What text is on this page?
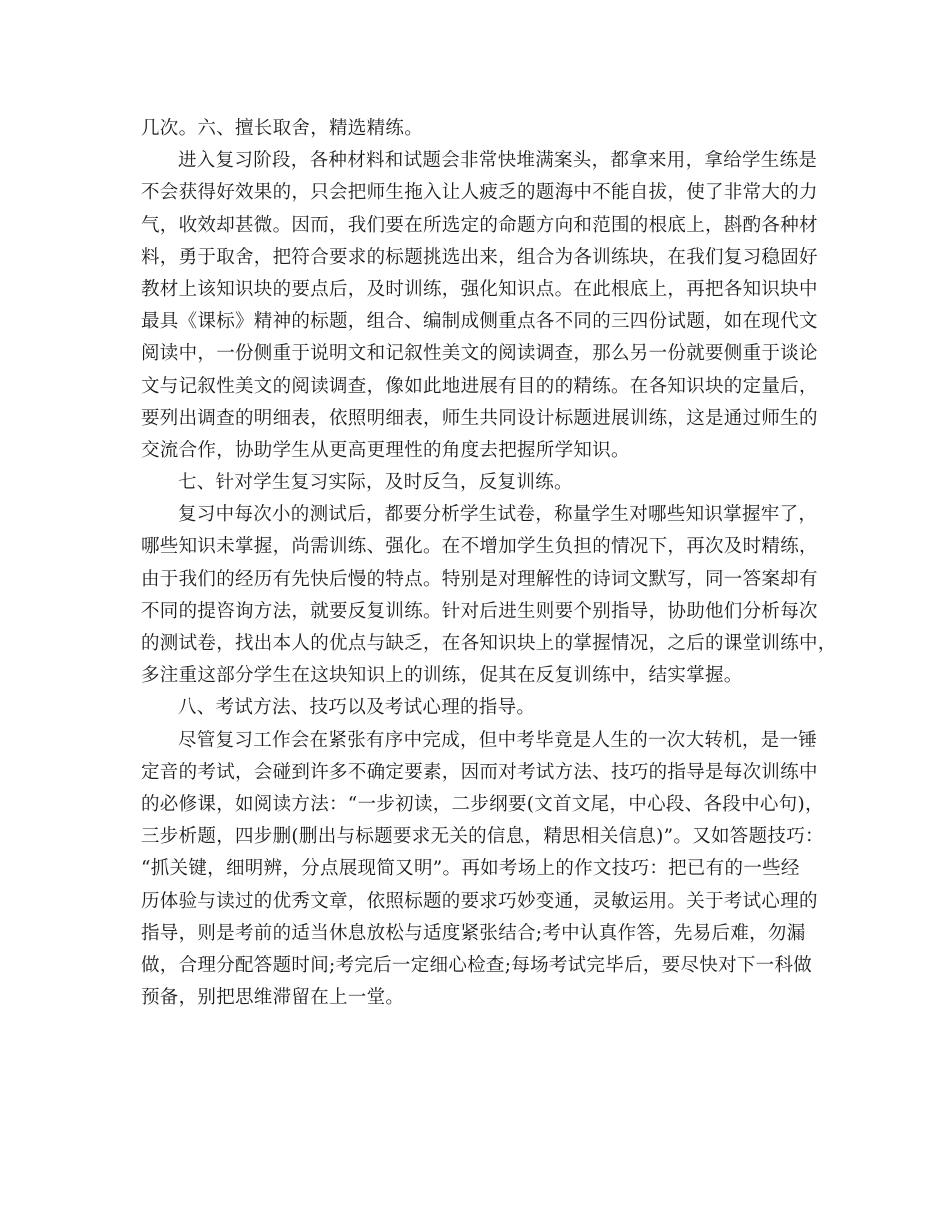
几次。六、擅长取舍，精选精练。
进入复习阶段，各种材料和试题会非常快堆满案头，都拿来用，拿给学生练是
不会获得好效果的，只会把师生拖入让人疲乏的题海中不能自拔，使了非常大的力
气，收效却甚微。因而，我们要在所选定的命题方向和范围的根底上，斟酌各种材
料，勇于取舍，把符合要求的标题挑选出来，组合为各训练块，在我们复习稳固好
教材上该知识块的要点后，及时训练，强化知识点。在此根底上，再把各知识块中
最具《课标》精神的标题，组合、编制成侧重点各不同的三四份试题，如在现代文
阅读中，一份侧重于说明文和记叙性美文的阅读调查，那么另一份就要侧重于谈论
文与记叙性美文的阅读调查，像如此地进展有目的的精练。在各知识块的定量后，
要列出调查的明细表，依照明细表，师生共同设计标题进展训练，这是通过师生的
交流合作，协助学生从更高更理性的角度去把握所学知识。
七、针对学生复习实际，及时反刍，反复训练。
复习中每次小的测试后，都要分析学生试卷，称量学生对哪些知识掌握牢了，
哪些知识未掌握，尚需训练、强化。在不增加学生负担的情况下，再次及时精练，
由于我们的经历有先快后慢的特点。特别是对理解性的诗词文默写，同一答案却有
不同的提咨询方法，就要反复训练。针对后进生则要个别指导，协助他们分析每次
的测试卷，找出本人的优点与缺乏，在各知识块上的掌握情况，之后的课堂训练中，
多注重这部分学生在这块知识上的训练，促其在反复训练中，结实掌握。
八、考试方法、技巧以及考试心理的指导。
尽管复习工作会在紧张有序中完成，但中考毕竟是人生的一次大转机，是一锤
定音的考试，会碰到许多不确定要素，因而对考试方法、技巧的指导是每次训练中
的必修课，如阅读方法：“一步初读，二步纲要(文首文尾，中心段、各段中心句)，
三步析题，四步删(删出与标题要求无关的信息，精思相关信息)”。又如答题技巧：
“抓关键，细明辨，分点展现简又明”。再如考场上的作文技巧：把已有的一些经
历体验与读过的优秀文章，依照标题的要求巧妙变通，灵敏运用。关于考试心理的
指导，则是考前的适当休息放松与适度紧张结合;考中认真作答，先易后难，勿漏
做，合理分配答题时间;考完后一定细心检查;每场考试完毕后，要尽快对下一科做
预备，别把思维滞留在上一堂。
